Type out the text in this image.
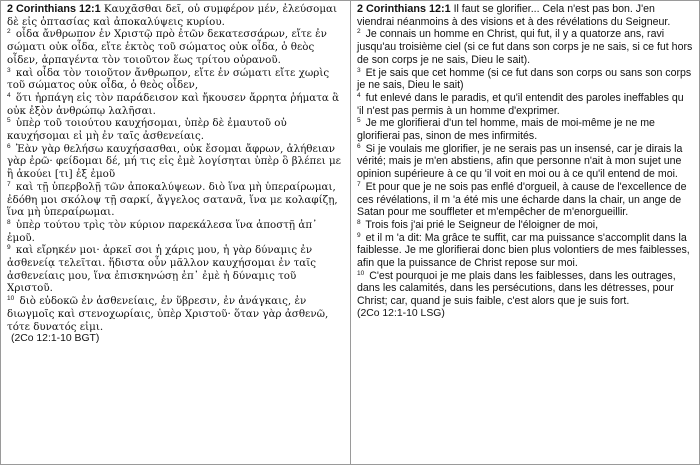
2 Corinthians 12:1 Καυχᾶσθαι δεῖ, οὐ συμφέρον μέν, ἐλεύσομαι δὲ εἰς ὀπτασίας καὶ ἀποκαλύψεις κυρίου.
$^2$ οἶδα ἄνθρωπον ἐν Χριστῷ πρὸ ἐτῶν δεκατεσσάρων, εἴτε ἐν σώματι οὐκ οἶδα, εἴτε ἐκτὸς τοῦ σώματος οὐκ οἶδα, ὁ θεὸς οἶδεν, ἁρπαγέντα τὸν τοιοῦτον ἕως τρίτου οὐρανοῦ.
$^3$ καὶ οἶδα τὸν τοιοῦτον ἄνθρωπον, εἴτε ἐν σώματι εἴτε χωρὶς τοῦ σώματος οὐκ οἶδα, ὁ θεὸς οἶδεν,
$^4$ ὅτι ἡρπάγη εἰς τὸν παράδεισον καὶ ἤκουσεν ἄρρητα ῥήματα ἃ οὐκ ἐξὸν ἀνθρώπῳ λαλῆσαι.
$^5$ ὑπὲρ τοῦ τοιούτου καυχήσομαι, ὑπὲρ δὲ ἐμαυτοῦ οὐ καυχήσομαι εἰ μὴ ἐν ταῖς ἀσθενείαις.
$^6$ Ἐὰν γὰρ θελήσω καυχήσασθαι, οὐκ ἔσομαι ἄφρων, ἀλήθειαν γὰρ ἐρῶ· φείδομαι δέ, μή τις εἰς ἐμὲ λογίσηται ὑπὲρ ὃ βλέπει με ἢ ἀκούει [τι] ἐξ ἐμοῦ
$^7$ καὶ τῇ ὑπερβολῇ τῶν ἀποκαλύψεων. διὸ ἵνα μὴ ὑπεραίρωμαι, ἐδόθη μοι σκόλοψ τῇ σαρκί, ἄγγελος σατανᾶ, ἵνα με κολαφίζῃ, ἵνα μὴ ὑπεραίρωμαι.
$^8$ ὑπὲρ τούτου τρὶς τὸν κύριον παρεκάλεσα ἵνα ἀποστῇ ἀπ᾽ ἐμοῦ.
$^9$ καὶ εἴρηκέν μοι· ἀρκεῖ σοι ἡ χάρις μου, ἡ γὰρ δύναμις ἐν ἀσθενείᾳ τελεῖται. ἥδιστα οὖν μᾶλλον καυχήσομαι ἐν ταῖς ἀσθενείαις μου, ἵνα ἐπισκηνώσῃ ἐπ᾽ ἐμὲ ἡ δύναμις τοῦ Χριστοῦ.
$^{10}$ διὸ εὐδοκῶ ἐν ἀσθενείαις, ἐν ὕβρεσιν, ἐν ἀνάγκαις, ἐν διωγμοῖς καὶ στενοχωρίαις, ὑπὲρ Χριστοῦ· ὅταν γὰρ ἀσθενῶ, τότε δυνατός εἰμι.
(2Co 12:1-10 BGT)
2 Corinthians 12:1 Il faut se glorifier... Cela n'est pas bon. J'en viendrai néanmoins à des visions et à des révélations du Seigneur.
$^2$ Je connais un homme en Christ, qui fut, il y a quatorze ans, ravi jusqu'au troisième ciel (si ce fut dans son corps je ne sais, si ce fut hors de son corps je ne sais, Dieu le sait).
$^3$ Et je sais que cet homme (si ce fut dans son corps ou sans son corps je ne sais, Dieu le sait)
$^4$ fut enlevé dans le paradis, et qu'il entendit des paroles ineffables qu 'il n'est pas permis à un homme d'exprimer.
$^5$ Je me glorifierai d'un tel homme, mais de moi-même je ne me glorifierai pas, sinon de mes infirmités.
$^6$ Si je voulais me glorifier, je ne serais pas un insensé, car je dirais la vérité; mais je m'en abstiens, afin que personne n'ait à mon sujet une opinion supérieure à ce qu 'il voit en moi ou à ce qu'il entend de moi.
$^7$ Et pour que je ne sois pas enflé d'orgueil, à cause de l'excellence de ces révélations, il m 'a été mis une écharde dans la chair, un ange de Satan pour me souffleter et m'empêcher de m'enorgueillir.
$^8$ Trois fois j'ai prié le Seigneur de l'éloigner de moi,
$^9$ et il m 'a dit: Ma grâce te suffit, car ma puissance s'accomplit dans la faiblesse. Je me glorifierai donc bien plus volontiers de mes faiblesses, afin que la puissance de Christ repose sur moi.
$^{10}$ C'est pourquoi je me plais dans les faiblesses, dans les outrages, dans les calamités, dans les persécutions, dans les détresses, pour Christ; car, quand je suis faible, c'est alors que je suis fort.
(2Co 12:1-10 LSG)
